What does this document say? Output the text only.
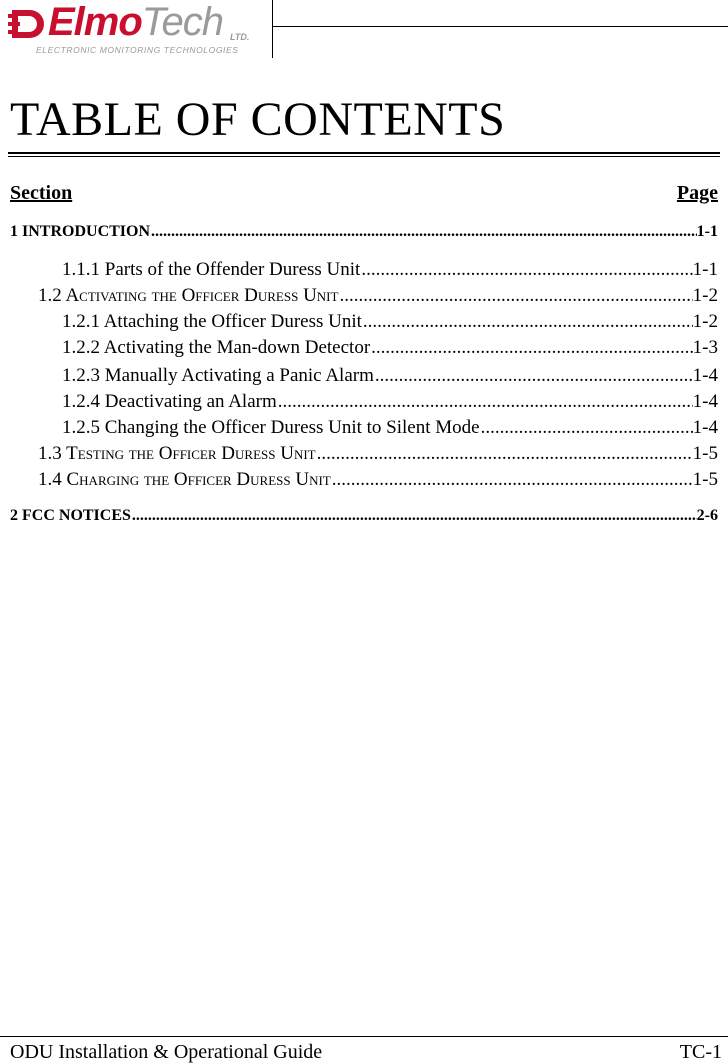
ElmoTech LTD.
ELECTRONIC MONITORING TECHNOLOGIES
TABLE OF CONTENTS
Section	Page
1 INTRODUCTION .....	1-1
1.1.1 Parts of the Offender Duress Unit .....	1-1
1.2 Activating the Officer Duress Unit .....	1-2
1.2.1 Attaching the Officer Duress Unit .....	1-2
1.2.2 Activating the Man-down Detector .....	1-3
1.2.3 Manually Activating a Panic Alarm .....	1-4
1.2.4 Deactivating an Alarm .....	1-4
1.2.5 Changing the Officer Duress Unit to Silent Mode .....	1-4
1.3 Testing the Officer Duress Unit .....	1-5
1.4 Charging the Officer Duress Unit .....	1-5
2 FCC NOTICES .....	2-6
ODU Installation & Operational Guide	TC-1
